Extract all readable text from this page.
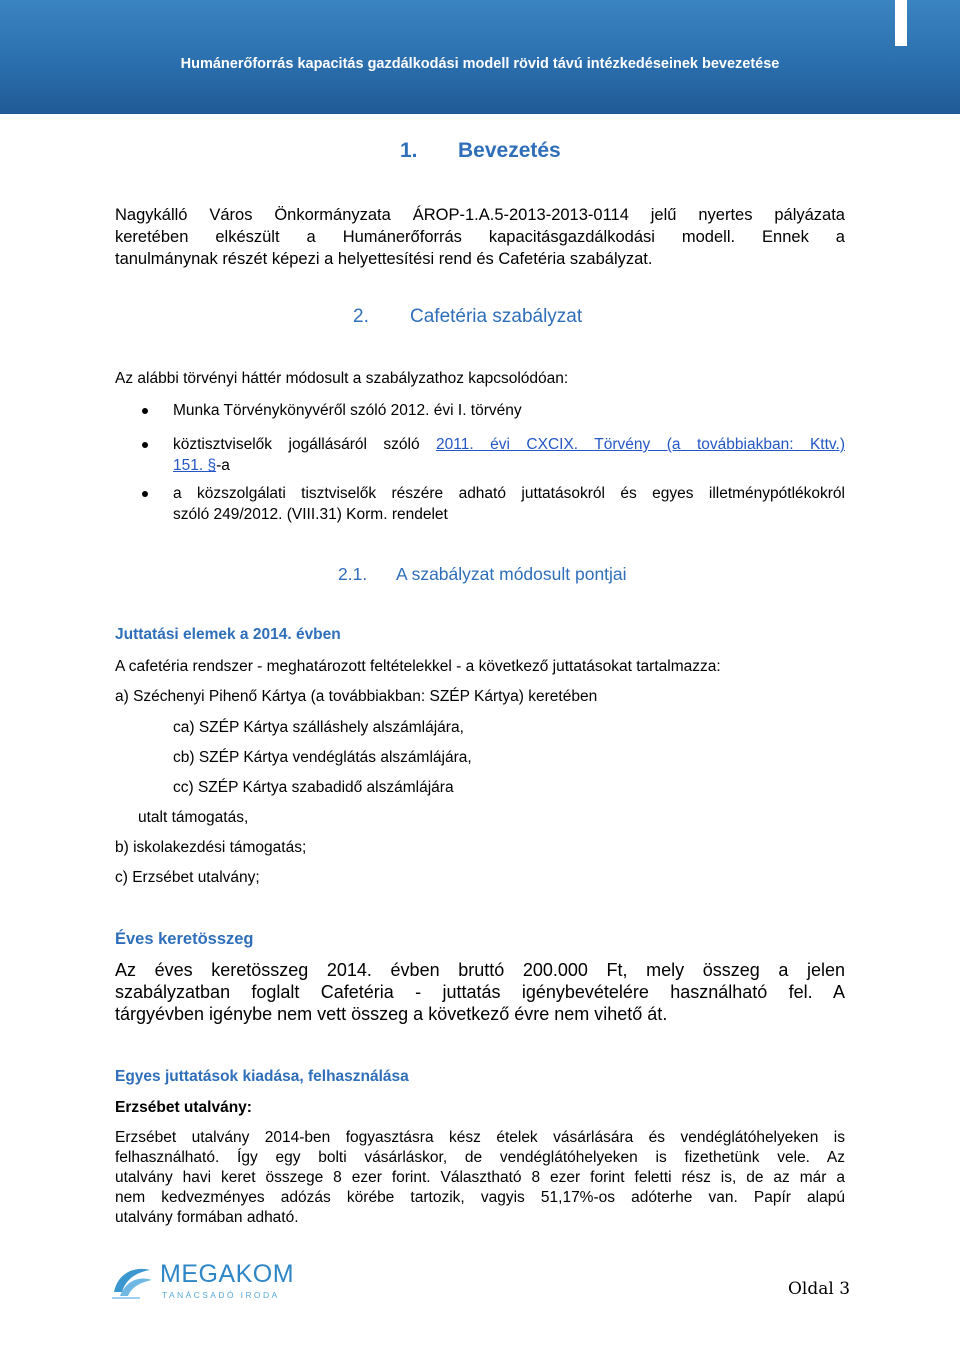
Humánerőforrás kapacitás gazdálkodási modell rövid távú intézkedéseinek bevezetése
1. Bevezetés
Nagykálló Város Önkormányzata ÁROP-1.A.5-2013-2013-0114 jelű nyertes pályázata
keretében elkészült a Humánerőforrás kapacitásgazdálkodási modell. Ennek a
tanulmánynak részét képezi a helyettesítési rend és Cafetéria szabályzat.
2. Cafetéria szabályzat
Az alábbi törvényi háttér módosult a szabályzathoz kapcsolódóan:
Munka Törvénykönyvéről szóló 2012. évi I. törvény
köztisztviselők jogállásáról szóló 2011. évi CXCIX. Törvény (a továbbiakban: Kttv.)
151. §-a
a közszolgálati tisztviselők részére adható juttatásokról és egyes illetménypótlékokról
szóló 249/2012. (VIII.31) Korm. rendelet
2.1. A szabályzat módosult pontjai
Juttatási elemek a 2014. évben
A cafetéria rendszer - meghatározott feltételekkel - a következő juttatásokat tartalmazza:
a) Széchenyi Pihenő Kártya (a továbbiakban: SZÉP Kártya) keretében
ca) SZÉP Kártya szálláshely alszámlájára,
cb) SZÉP Kártya vendéglátás alszámlájára,
cc) SZÉP Kártya szabadidő alszámlájára
utalt támogatás,
b) iskolakezdési támogatás;
c) Erzsébet utalvány;
Éves keretösszeg
Az éves keretösszeg 2014. évben bruttó 200.000 Ft, mely összeg a jelen
szabályzatban foglalt Cafetéria - juttatás igénybevételére használható fel. A
tárgyévben igénybe nem vett összeg a következő évre nem vihető át.
Egyes juttatások kiadása, felhasználása
Erzsébet utalvány:
Erzsébet utalvány 2014-ben fogyasztásra kész ételek vásárlására és vendéglátóhelyeken is
felhasználható. Így egy bolti vásárláskor, de vendéglátóhelyeken is fizethetünk vele. Az
utalvány havi keret összege 8 ezer forint. Választható 8 ezer forint feletti rész is, de az már a
nem kedvezményes adózás körébe tartozik, vagyis 51,17%-os adóterhe van. Papír alapú
utalvány formában adható.
MEGAKOM
TANÁCSADÓ IRODA	Oldal 3
